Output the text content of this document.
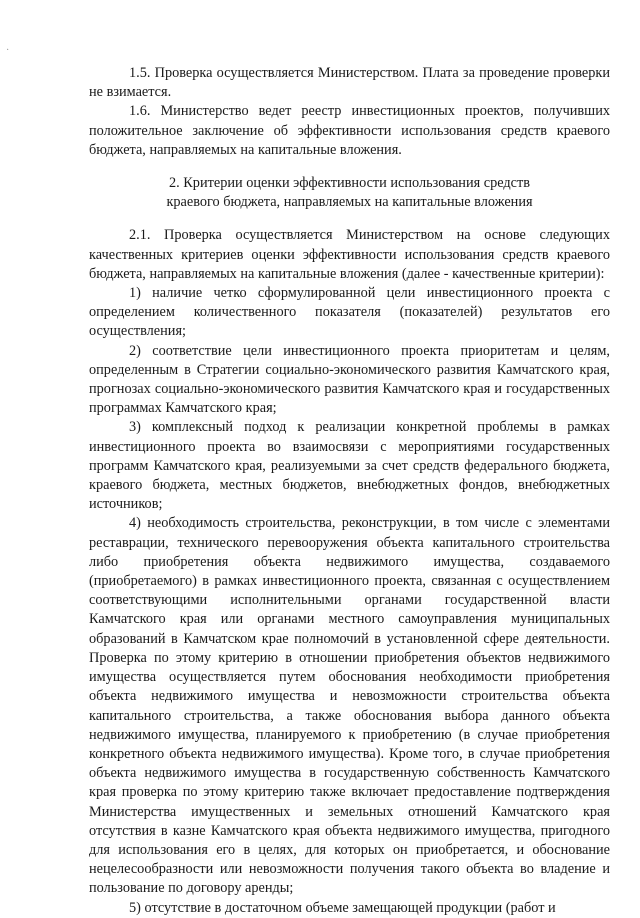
·

1.5. Проверка осуществляется Министерством. Плата за проведение проверки не взимается.

1.6. Министерство ведет реестр инвестиционных проектов, получивших положительное заключение об эффективности использования средств краевого бюджета, направляемых на капитальные вложения.

2. Критерии оценки эффективности использования средств
краевого бюджета, направляемых на капитальные вложения

2.1. Проверка осуществляется Министерством на основе следующих качественных критериев оценки эффективности использования средств краевого бюджета, направляемых на капитальные вложения (далее - качественные критерии):

1) наличие четко сформулированной цели инвестиционного проекта с определением количественного показателя (показателей) результатов его осуществления;

2) соответствие цели инвестиционного проекта приоритетам и целям, определенным в Стратегии социально-экономического развития Камчатского края, прогнозах социально-экономического развития Камчатского края и государственных программах Камчатского края;

3) комплексный подход к реализации конкретной проблемы в рамках инвестиционного проекта во взаимосвязи с мероприятиями государственных программ Камчатского края, реализуемыми за счет средств федерального бюджета, краевого бюджета, местных бюджетов, внебюджетных фондов, внебюджетных источников;

4) необходимость строительства, реконструкции, в том числе с элементами реставрации, технического перевооружения объекта капитального строительства либо приобретения объекта недвижимого имущества, создаваемого (приобретаемого) в рамках инвестиционного проекта, связанная с осуществлением соответствующими исполнительными органами государственной власти Камчатского края или органами местного самоуправления муниципальных образований в Камчатском крае полномочий в установленной сфере деятельности. Проверка по этому критерию в отношении приобретения объектов недвижимого имущества осуществляется путем обоснования необходимости приобретения объекта недвижимого имущества и невозможности строительства объекта капитального строительства, а также обоснования выбора данного объекта недвижимого имущества, планируемого к приобретению (в случае приобретения конкретного объекта недвижимого имущества). Кроме того, в случае приобретения объекта недвижимого имущества в государственную собственность Камчатского края проверка по этому критерию также включает предоставление подтверждения Министерства имущественных и земельных отношений Камчатского края отсутствия в казне Камчатского края объекта недвижимого имущества, пригодного для использования его в целях, для которых он приобретается, и обоснование нецелесообразности или невозможности получения такого объекта во владение и пользование по договору аренды;

5) отсутствие в достаточном объеме замещающей продукции (работ и
